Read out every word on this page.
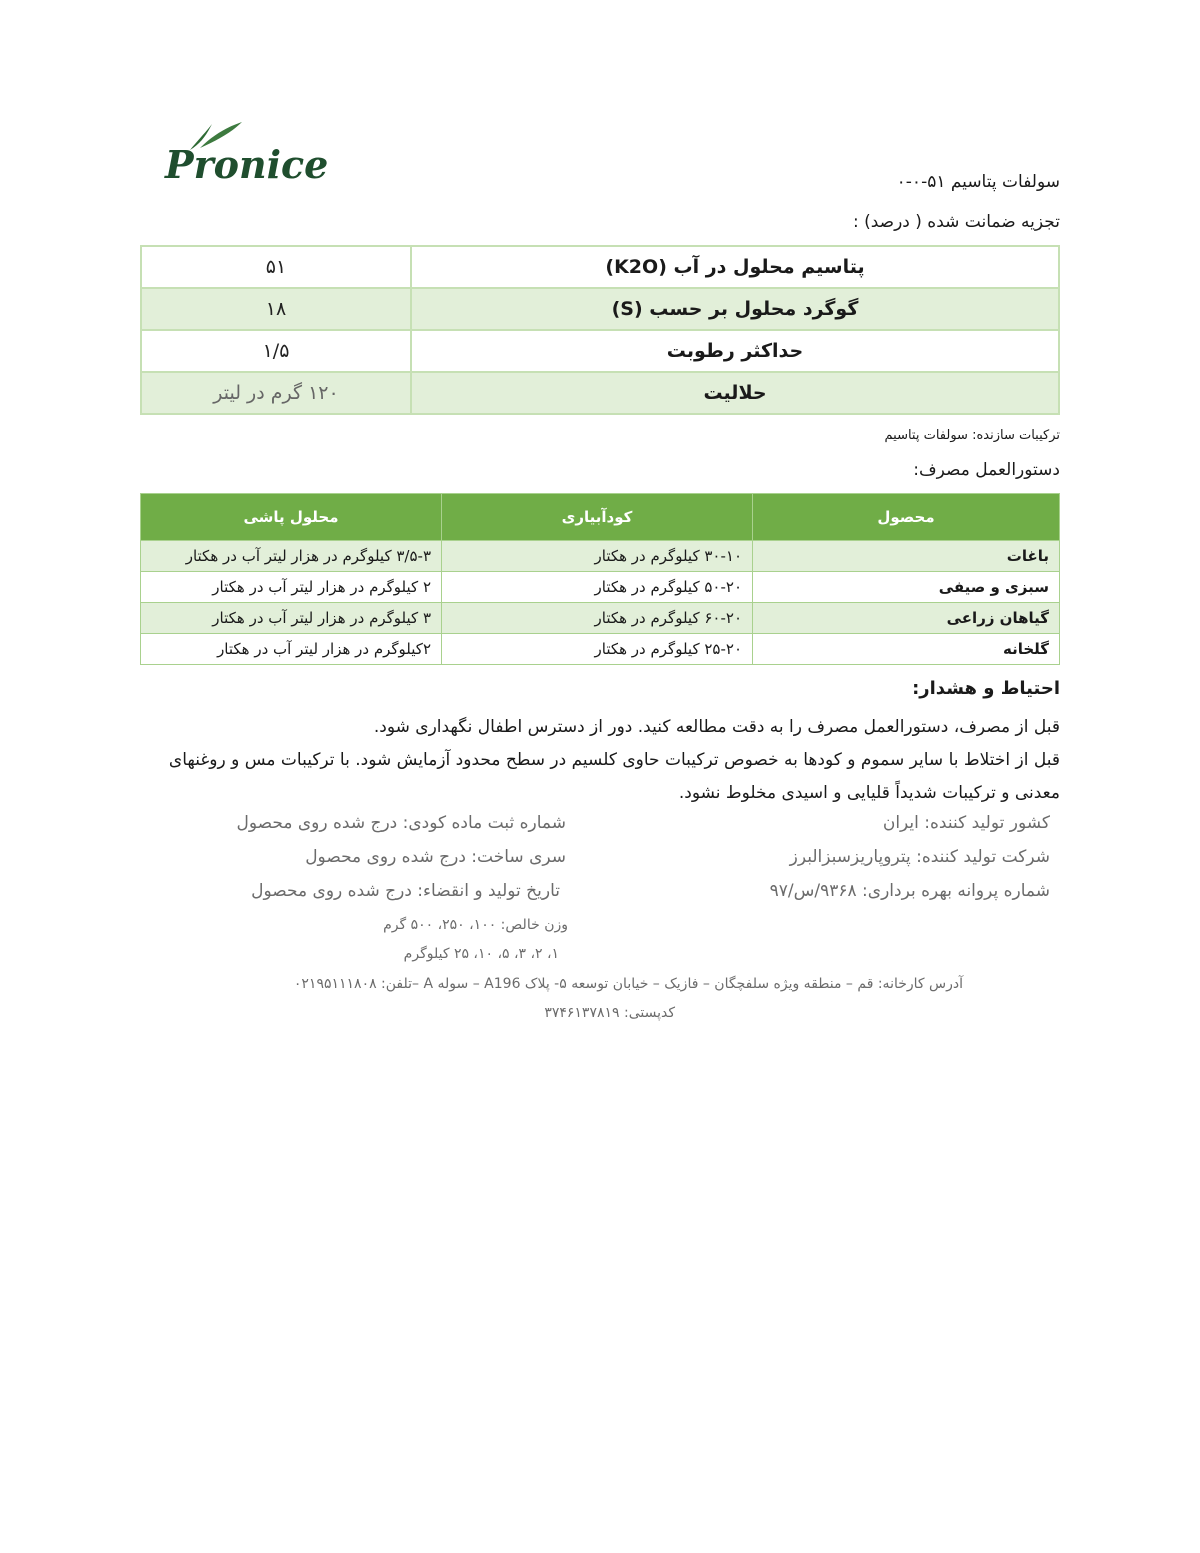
Pronice	سولفات پتاسیم ۵۱-۰-۰
تجزیه ضمانت شده ( درصد) :
پتاسیم محلول در آب (K2O)	۵۱
گوگرد محلول بر حسب (S)	۱۸
حداکثر رطوبت	۱/۵
حلالیت	۱۲۰ گرم در لیتر
ترکیبات سازنده: سولفات پتاسیم
دستورالعمل مصرف:
محصول	کودآبیاری	محلول پاشی
باغات	۳۰-۱۰ کیلوگرم در هکتار	۳/۵-۳ کیلوگرم در هزار لیتر آب در هکتار
سبزی و صیفی	۵۰-۲۰ کیلوگرم در هکتار	۲ کیلوگرم در هزار لیتر آب در هکتار
گیاهان زراعی	۶۰-۲۰ کیلوگرم در هکتار	۳ کیلوگرم در هزار لیتر آب در هکتار
گلخانه	۲۵-۲۰ کیلوگرم در هکتار	۲کیلوگرم در هزار لیتر آب در هکتار
احتیاط و هشدار:
قبل از مصرف، دستورالعمل مصرف را به دقت مطالعه کنید. دور از دسترس اطفال نگهداری شود.
قبل از اختلاط با سایر سموم و کودها به خصوص ترکیبات حاوی کلسیم در سطح محدود آزمایش شود. با ترکیبات مس و روغنهای معدنی و ترکیبات شدیداً قلیایی و اسیدی مخلوط نشود.
کشور تولید کننده: ایران
شرکت تولید کننده: پتروپاریزسبزالبرز
شماره پروانه بهره برداری: ۹۳۶۸/س/۹۷
شماره ثبت ماده کودی: درج شده روی محصول
سری ساخت: درج شده روی محصول
تاریخ تولید و انقضاء: درج شده روی محصول
وزن خالص: ۱۰۰، ۲۵۰، ۵۰۰ گرم
۱، ۲، ۳، ۵، ۱۰، ۲۵ کیلوگرم
آدرس کارخانه: قم – منطقه ویژه سلفچگان – فازیک – خیابان توسعه ۵- پلاک A196 – سوله A –تلفن: ۰۲۱۹۵۱۱۱۸۰۸
کدپستی: ۳۷۴۶۱۳۷۸۱۹
